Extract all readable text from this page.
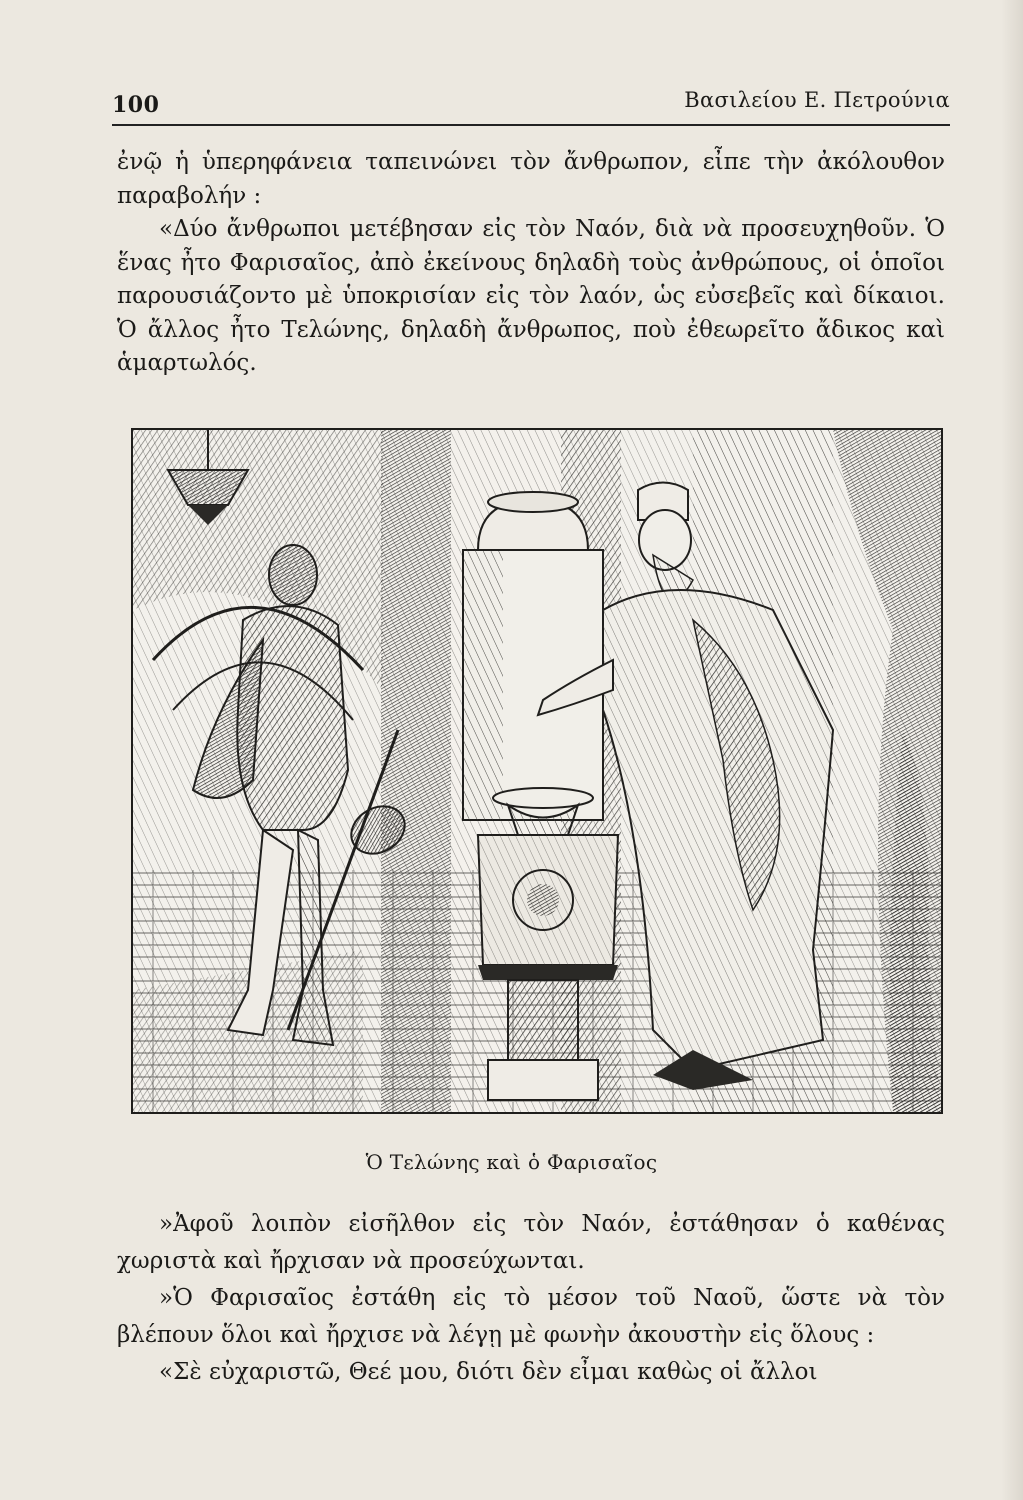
100	Βασιλείου Ε. Πετρούνια

ἐνῷ ἡ ὑπερηφάνεια ταπεινώνει τὸν ἄνθρωπον, εἶπε τὴν ἀκόλουθον παραβολήν :

«Δύο ἄνθρωποι μετέβησαν εἰς τὸν Ναόν, διὰ νὰ προσευχηθοῦν. Ὁ ἕνας ἦτο Φαρισαῖος, ἀπὸ ἐκείνους δηλαδὴ τοὺς ἀνθρώπους, οἱ ὁποῖοι παρουσιάζοντο μὲ ὑποκρισίαν εἰς τὸν λαόν, ὡς εὐσεβεῖς καὶ δίκαιοι. Ὁ ἄλλος ἦτο Τελώνης, δηλαδὴ ἄνθρωπος, ποὺ ἐθεωρεῖτο ἄδικος καὶ ἁμαρτωλός.

Ὁ Τελώνης καὶ ὁ Φαρισαῖος

»Ἀφοῦ λοιπὸν εἰσῆλθον εἰς τὸν Ναόν, ἐστάθησαν ὁ καθένας χωριστὰ καὶ ἤρχισαν νὰ προσεύχωνται.

»Ὁ Φαρισαῖος ἐστάθη εἰς τὸ μέσον τοῦ Ναοῦ, ὥστε νὰ τὸν βλέπουν ὅλοι καὶ ἤρχισε νὰ λέγῃ μὲ φωνὴν ἀκουστὴν εἰς ὅλους :

«Σὲ εὐχαριστῶ, Θεέ μου, διότι δὲν εἶμαι καθὼς οἱ ἄλλοι
